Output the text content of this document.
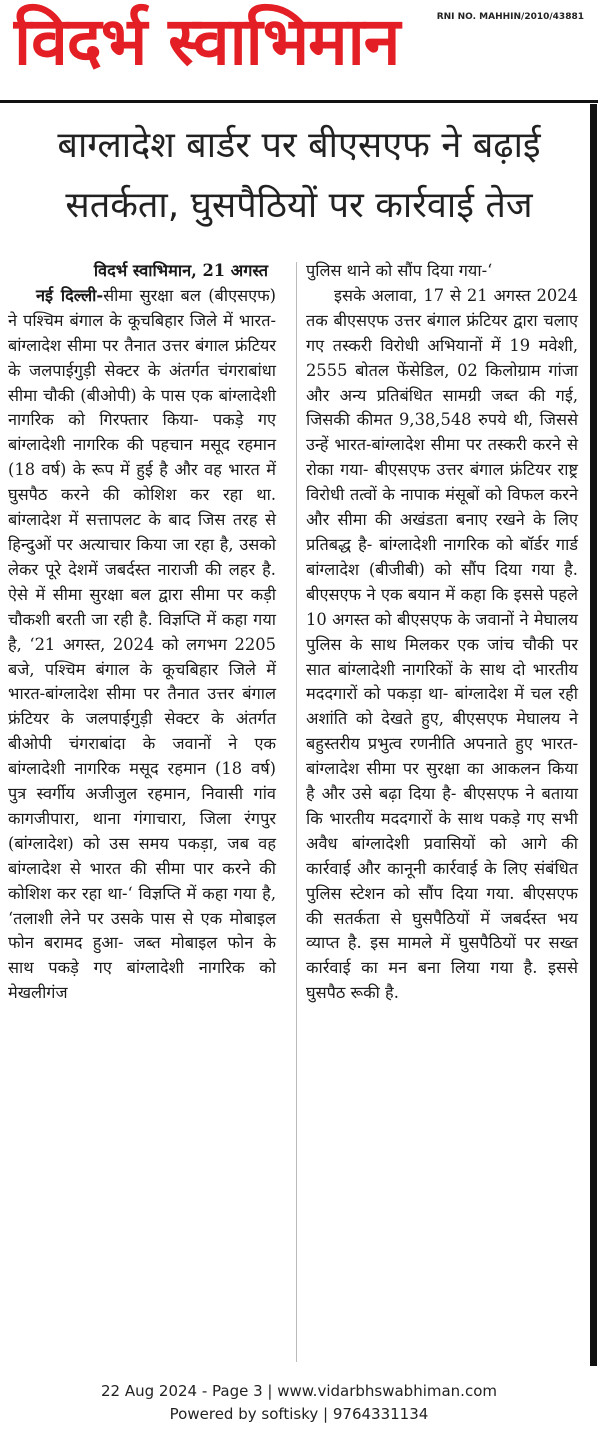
विदर्भ स्वाभिमान	RNI NO. MAHHIN/2010/43881
बाग्लादेश बार्डर पर बीएसएफ ने बढ़ाई
सतर्कता, घुसपैठियों पर कार्रवाई तेज
विदर्भ स्वाभिमान, 21 अगस्त

नई दिल्ली-सीमा सुरक्षा बल (बीएसएफ) ने पश्चिम बंगाल के कूचबिहार जिले में भारत-बांग्लादेश सीमा पर तैनात उत्तर बंगाल फ्रंटियर के जलपाईगुड़ी सेक्टर के अंतर्गत चंगराबांधा सीमा चौकी (बीओपी) के पास एक बांग्लादेशी नागरिक को गिरफ्तार किया- पकड़े गए बांग्लादेशी नागरिक की पहचान मसूद रहमान (18 वर्ष) के रूप में हुई है और वह भारत में घुसपैठ करने की कोशिश कर रहा था. बांग्लादेश में सत्तापलट के बाद जिस तरह से हिन्दुओं पर अत्याचार किया जा रहा है, उसको लेकर पूरे देशमें जबर्दस्त नाराजी की लहर है. ऐसे में सीमा सुरक्षा बल द्वारा सीमा पर कड़ी चौकशी बरती जा रही है. विज्ञप्ति में कहा गया है, ‘21 अगस्त, 2024 को लगभग 2205 बजे, पश्चिम बंगाल के कूचबिहार जिले में भारत-बांग्लादेश सीमा पर तैनात उत्तर बंगाल फ्रंटियर के जलपाईगुड़ी सेक्टर के अंतर्गत बीओपी चंगराबांदा के जवानों ने एक बांग्लादेशी नागरिक मसूद रहमान (18 वर्ष) पुत्र स्वर्गीय अजीजुल रहमान, निवासी गांव कागजीपारा, थाना गंगाचारा, जिला रंगपुर (बांग्लादेश) को उस समय पकड़ा, जब वह बांग्लादेश से भारत की सीमा पार करने की कोशिश कर रहा था-‘ विज्ञप्ति में कहा गया है, ‘तलाशी लेने पर उसके पास से एक मोबाइल फोन बरामद हुआ- जब्त मोबाइल फोन के साथ पकड़े गए बांग्लादेशी नागरिक को मेखलीगंज

पुलिस थाने को सौंप दिया गया-‘

इसके अलावा, 17 से 21 अगस्त 2024 तक बीएसएफ उत्तर बंगाल फ्रंटियर द्वारा चलाए गए तस्करी विरोधी अभियानों में 19 मवेशी, 2555 बोतल फेंसेडिल, 02 किलोग्राम गांजा और अन्य प्रतिबंधित सामग्री जब्त की गई, जिसकी कीमत 9,38,548 रुपये थी, जिससे उन्हें भारत-बांग्लादेश सीमा पर तस्करी करने से रोका गया- बीएसएफ उत्तर बंगाल फ्रंटियर राष्ट्र विरोधी तत्वों के नापाक मंसूबों को विफल करने और सीमा की अखंडता बनाए रखने के लिए प्रतिबद्ध है- बांग्लादेशी नागरिक को बॉर्डर गार्ड बांग्लादेश (बीजीबी) को सौंप दिया गया है. बीएसएफ ने एक बयान में कहा कि इससे पहले 10 अगस्त को बीएसएफ के जवानों ने मेघालय पुलिस के साथ मिलकर एक जांच चौकी पर सात बांग्लादेशी नागरिकों के साथ दो भारतीय मददगारों को पकड़ा था- बांग्लादेश में चल रही अशांति को देखते हुए, बीएसएफ मेघालय ने बहुस्तरीय प्रभुत्व रणनीति अपनाते हुए भारत-बांग्लादेश सीमा पर सुरक्षा का आकलन किया है और उसे बढ़ा दिया है- बीएसएफ ने बताया कि भारतीय मददगारों के साथ पकड़े गए सभी अवैध बांग्लादेशी प्रवासियों को आगे की कार्रवाई और कानूनी कार्रवाई के लिए संबंधित पुलिस स्टेशन को सौंप दिया गया. बीएसएफ की सतर्कता से घुसपैठियों में जबर्दस्त भय व्याप्त है. इस मामले में घुसपैठियों पर सख्त कार्रवाई का मन बना लिया गया है. इससे घुसपैठ रूकी है.

22 Aug 2024 - Page 3 | www.vidarbhswabhiman.com
Powered by softisky | 9764331134
